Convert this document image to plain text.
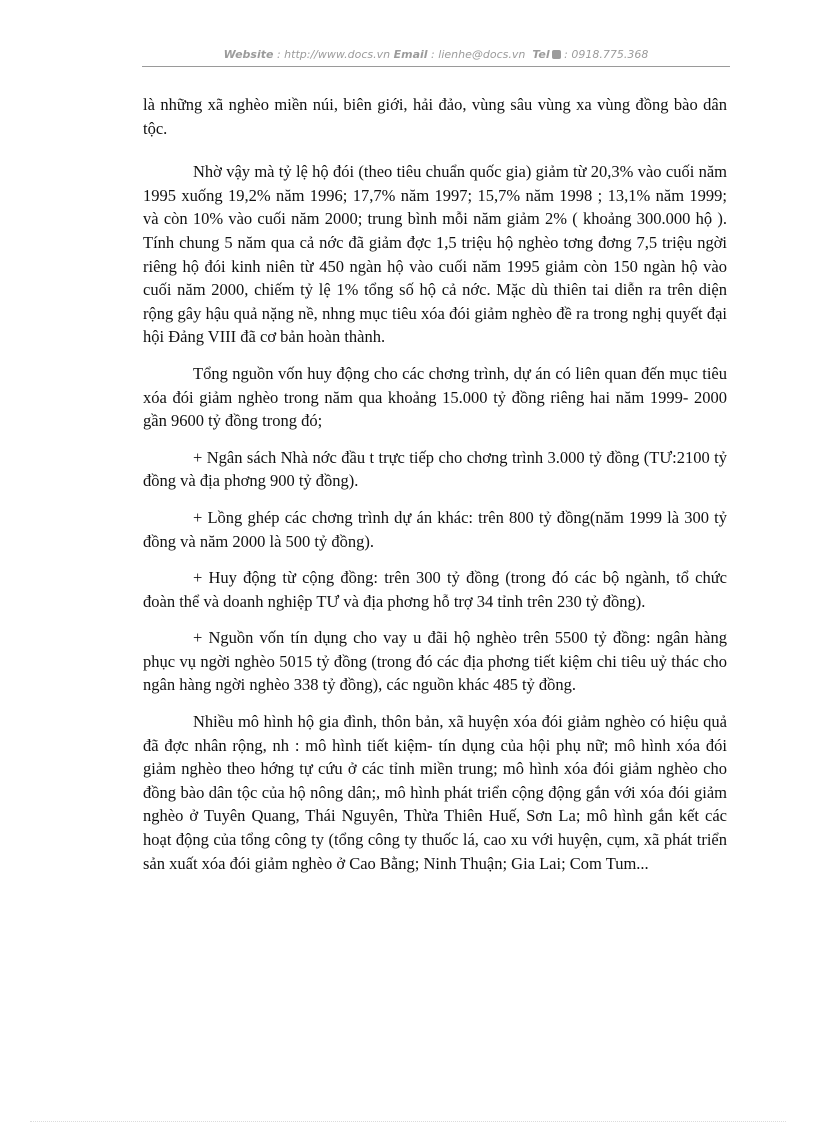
Website : http://www.docs.vn Email : lienhe@docs.vn Tel : 0918.775.368

là những xã nghèo miền núi, biên giới, hải đảo, vùng sâu vùng xa vùng đồng bào dân tộc.

Nhờ vậy mà tỷ lệ hộ đói (theo tiêu chuẩn quốc gia) giảm từ 20,3% vào cuối năm 1995 xuống 19,2% năm 1996; 17,7% năm 1997; 15,7% năm 1998 ; 13,1% năm 1999; và còn 10% vào cuối năm 2000; trung bình mỗi năm giảm 2% ( khoảng 300.000 hộ ). Tính chung 5 năm qua cả nớc đã giảm đợc 1,5 triệu hộ nghèo tơng đơng 7,5 triệu ngời riêng hộ đói kinh niên từ 450 ngàn hộ vào cuối năm 1995 giảm còn 150 ngàn hộ vào cuối năm 2000, chiếm tỷ lệ 1% tổng số hộ cả nớc. Mặc dù thiên tai diễn ra trên diện rộng gây hậu quả nặng nề, nhng mục tiêu xóa đói giảm nghèo đề ra trong nghị quyết đại hội Đảng VIII đã cơ bản hoàn thành.

Tổng nguồn vốn huy động cho các chơng trình, dự án có liên quan đến mục tiêu xóa đói giảm nghèo trong năm qua khoảng 15.000 tỷ đồng riêng hai năm 1999- 2000 gần 9600 tỷ đồng trong đó;

+ Ngân sách Nhà nớc đầu t trực tiếp cho chơng trình 3.000 tỷ đồng (TƯ:2100 tỷ đồng và địa phơng 900 tỷ đồng).

+ Lồng ghép các chơng trình dự án khác: trên 800 tỷ đồng(năm 1999 là 300 tỷ đồng và năm 2000 là 500 tỷ đồng).

+ Huy động từ cộng đồng: trên 300 tỷ đồng (trong đó các bộ ngành, tổ chức đoàn thể và doanh nghiệp TƯ và địa phơng hỗ trợ 34 tỉnh trên 230 tỷ đồng).

+ Nguồn vốn tín dụng cho vay u đãi hộ nghèo trên 5500 tỷ đồng: ngân hàng phục vụ ngời nghèo 5015 tỷ đồng (trong đó các địa phơng tiết kiệm chi tiêu uỷ thác cho ngân hàng ngời nghèo 338 tỷ đồng), các nguồn khác 485 tỷ đồng.

Nhiều mô hình hộ gia đình, thôn bản, xã huyện xóa đói giảm nghèo có hiệu quả đã đợc nhân rộng, nh : mô hình tiết kiệm- tín dụng của hội phụ nữ; mô hình xóa đói giảm nghèo theo hớng tự cứu ở các tỉnh miền trung; mô hình xóa đói giảm nghèo cho đồng bào dân tộc của hộ nông dân;, mô hình phát triển cộng động gắn với xóa đói giảm nghèo ở Tuyên Quang, Thái Nguyên, Thừa Thiên Huế, Sơn La; mô hình gắn kết các hoạt động của tổng công ty (tổng công ty thuốc lá, cao xu với huyện, cụm, xã phát triển sản xuất xóa đói giảm nghèo ở Cao Bằng; Ninh Thuận; Gia Lai; Com Tum...
